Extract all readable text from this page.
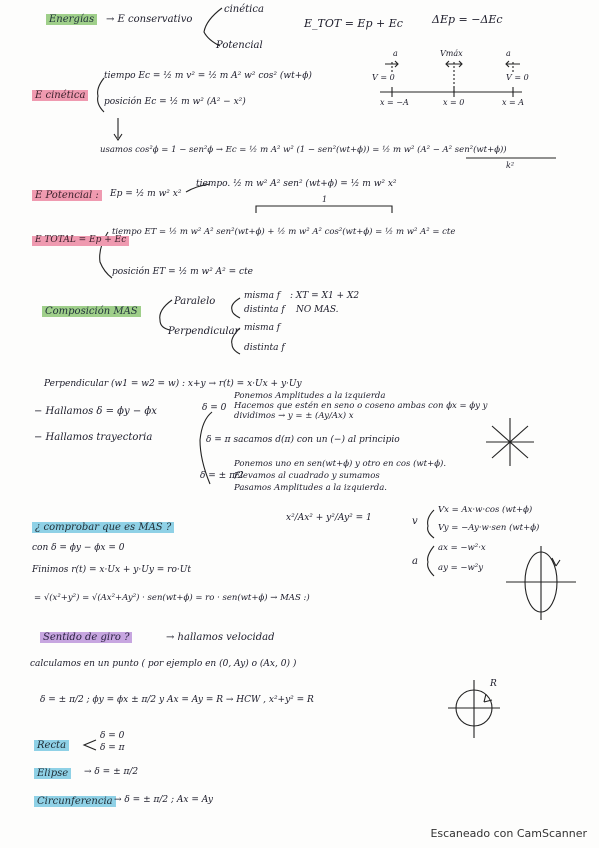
Energías	→ E conservativo
cinética
Potencial
E_TOT = Ep + Ec	ΔEp = −ΔEc
a	a
Vmáx
V = 0	V = 0
x = −A	x = 0	x = A
E cinética
tiempo Ec = ½ m v² = ½ m A² w² cos² (wt+ϕ)
posición Ec = ½ m w² (A² − x²)
usamos cos²ϕ = 1 − sen²ϕ → Ec = ½ m A² w² (1 − sen²(wt+ϕ)) = ½ m w² (A² − A² sen²(wt+ϕ))
k²
E Potencial :	Ep = ½ m w² x²
tiempo. ½ m w² A² sen² (wt+ϕ) = ½ m w² x²
E TOTAL = Ep + Ec
1
tiempo ET = ½ m w² A² sen²(wt+ϕ) + ½ m w² A² cos²(wt+ϕ) = ½ m w² A² = cte
posición ET = ½ m w² A² = cte
Composición MAS
Paralelo
Perpendicular
misma f
distinta f
misma f
distinta f
: XT = X1 + X2
NO MAS.
Perpendicular (w1 = w2 = w) : x+y → r(t) = x·Ux + y·Uy
− Hallamos δ = ϕy − ϕx
− Hallamos trayectoria
δ = 0
Ponemos Amplitudes a la izquierda
Hacemos que estén en seno o coseno ambas con ϕx = ϕy y
dividimos → y = ± (Ay/Ax) x
δ = π sacamos d(π) con un (−) al principio
δ = ± π/2
Ponemos uno en sen(wt+ϕ) y otro en cos (wt+ϕ).
Elevamos al cuadrado y sumamos
Pasamos Amplitudes a la izquierda.
x²/Ax² + y²/Ay² = 1
¿ comprobar que es MAS ?
con δ = ϕy − ϕx = 0
Finimos r(t) = x·Ux + y·Uy = ro·Ut
= √(x²+y²) = √(Ax²+Ay²) · sen(wt+ϕ) = ro · sen(wt+ϕ) → MAS :)
v
Vx = Ax·w·cos (wt+ϕ)
Vy = −Ay·w·sen (wt+ϕ)
a
ax = −w²·x
ay = −w²y
Sentido de giro ?	→ hallamos velocidad
calculamos en un punto ( por ejemplo en (0, Ay) o (Ax, 0) )
δ = ± π/2 ; ϕy = ϕx ± π/2 y Ax = Ay = R → HCW , x²+y² = R
R
Recta
δ = 0
δ = π
Elipse	→ δ = ± π/2
Circunferencia → δ = ± π/2 ; Ax = Ay
Escaneado con CamScanner
